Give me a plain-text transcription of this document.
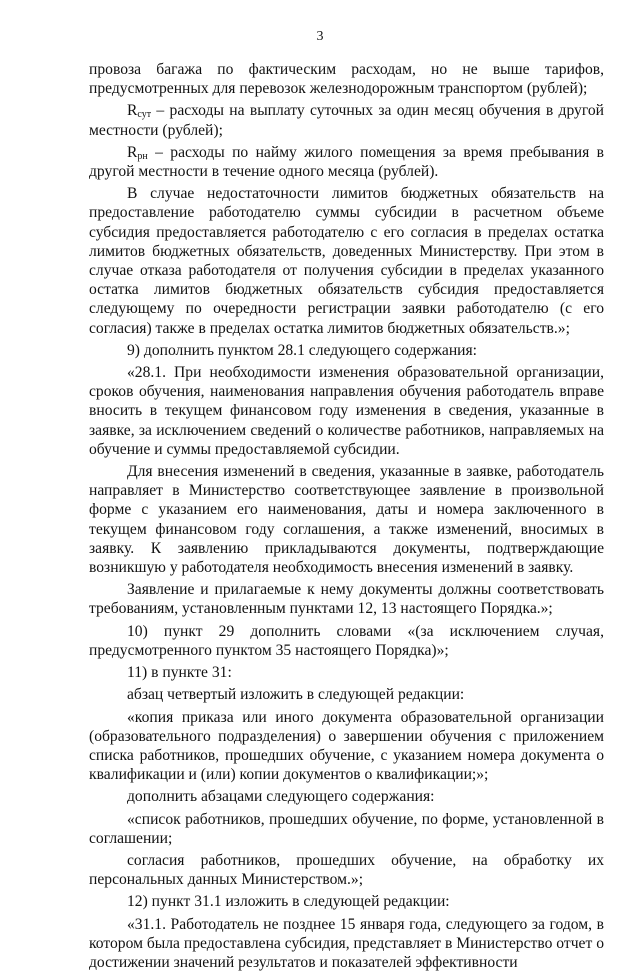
3

провоза багажа по фактическим расходам, но не выше тарифов, предусмотренных для перевозок железнодорожным транспортом (рублей);

$R_{сут}$ – расходы на выплату суточных за один месяц обучения в другой местности (рублей);

$R_{рн}$ – расходы по найму жилого помещения за время пребывания в другой местности в течение одного месяца (рублей).

В случае недостаточности лимитов бюджетных обязательств на предоставление работодателю суммы субсидии в расчетном объеме субсидия предоставляется работодателю с его согласия в пределах остатка лимитов бюджетных обязательств, доведенных Министерству. При этом в случае отказа работодателя от получения субсидии в пределах указанного остатка лимитов бюджетных обязательств субсидия предоставляется следующему по очередности регистрации заявки работодателю (с его согласия) также в пределах остатка лимитов бюджетных обязательств.»;

9) дополнить пунктом 28.1 следующего содержания:

«28.1. При необходимости изменения образовательной организации, сроков обучения, наименования направления обучения работодатель вправе вносить в текущем финансовом году изменения в сведения, указанные в заявке, за исключением сведений о количестве работников, направляемых на обучение и суммы предоставляемой субсидии.

Для внесения изменений в сведения, указанные в заявке, работодатель направляет в Министерство соответствующее заявление в произвольной форме с указанием его наименования, даты и номера заключенного в текущем финансовом году соглашения, а также изменений, вносимых в заявку. К заявлению прикладываются документы, подтверждающие возникшую у работодателя необходимость внесения изменений в заявку.

Заявление и прилагаемые к нему документы должны соответствовать требованиям, установленным пунктами 12, 13 настоящего Порядка.»;

10) пункт 29 дополнить словами «(за исключением случая, предусмотренного пунктом 35 настоящего Порядка)»;

11) в пункте 31:

абзац четвертый изложить в следующей редакции:

«копия приказа или иного документа образовательной организации (образовательного подразделения) о завершении обучения с приложением списка работников, прошедших обучение, с указанием номера документа о квалификации и (или) копии документов о квалификации;»;

дополнить абзацами следующего содержания:

«список работников, прошедших обучение, по форме, установленной в соглашении;

согласия работников, прошедших обучение, на обработку их персональных данных Министерством.»;

12) пункт 31.1 изложить в следующей редакции:

«31.1. Работодатель не позднее 15 января года, следующего за годом, в котором была предоставлена субсидия, представляет в Министерство отчет о достижении значений результатов и показателей эффективности
